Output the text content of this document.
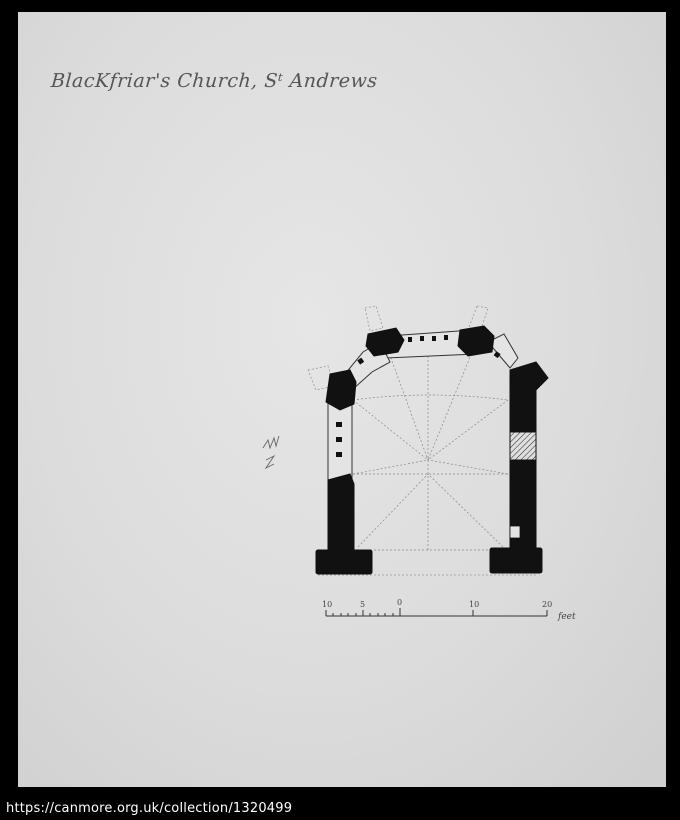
BlacKfriar's Church, Sᵗ Andrews
10	5	0	10	20
feet
https://canmore.org.uk/collection/1320499
